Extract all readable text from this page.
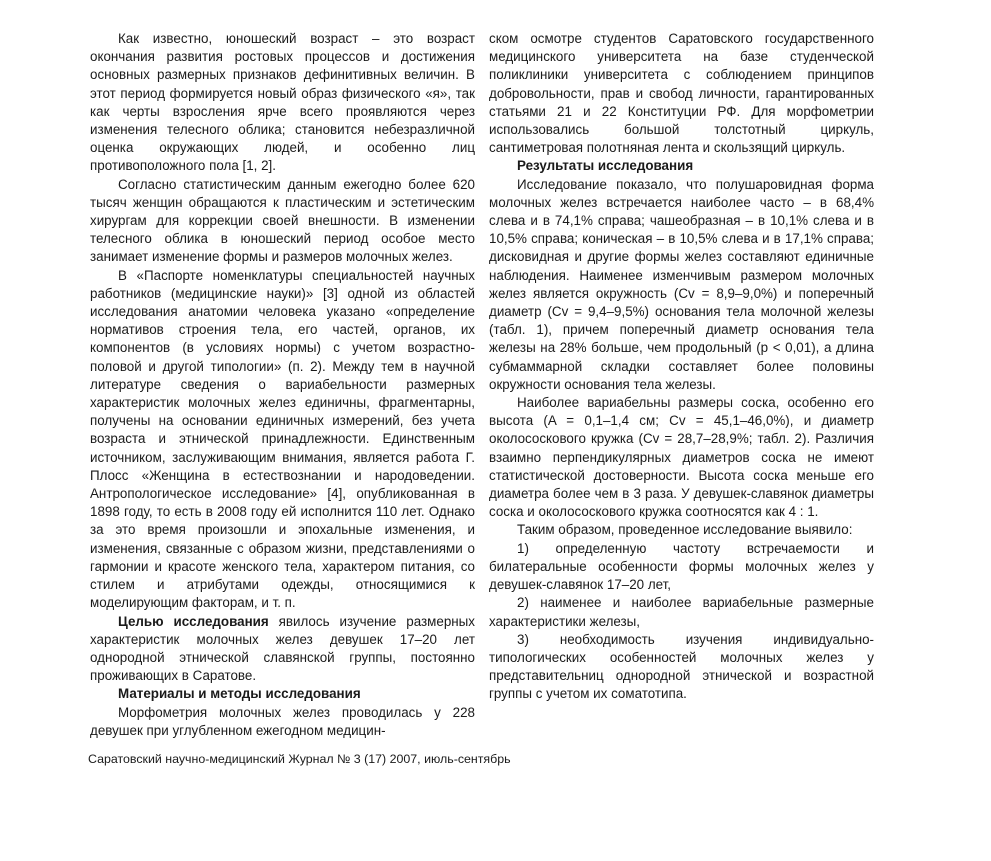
Как известно, юношеский возраст – это возраст окончания развития ростовых процессов и достижения основных размерных признаков дефинитивных величин. В этот период формируется новый образ физического «я», так как черты взросления ярче всего проявляются через изменения телесного облика; становится небезразличной оценка окружающих людей, и особенно лиц противоположного пола [1, 2].

Согласно статистическим данным ежегодно более 620 тысяч женщин обращаются к пластическим и эстетическим хирургам для коррекции своей внешности. В изменении телесного облика в юношеский период особое место занимает изменение формы и размеров молочных желез.

В «Паспорте номенклатуры специальностей научных работников (медицинские науки)» [3] одной из областей исследования анатомии человека указано «определение нормативов строения тела, его частей, органов, их компонентов (в условиях нормы) с учетом возрастно-половой и другой типологии» (п. 2). Между тем в научной литературе сведения о вариабельности размерных характеристик молочных желез единичны, фрагментарны, получены на основании единичных измерений, без учета возраста и этнической принадлежности. Единственным источником, заслуживающим внимания, является работа Г. Плосс «Женщина в естествознании и народоведении. Антропологическое исследование» [4], опубликованная в 1898 году, то есть в 2008 году ей исполнится 110 лет. Однако за это время произошли и эпохальные изменения, и изменения, связанные с образом жизни, представлениями о гармонии и красоте женского тела, характером питания, со стилем и атрибутами одежды, относящимися к моделирующим факторам, и т. п.

Целью исследования явилось изучение размерных характеристик молочных желез девушек 17–20 лет однородной этнической славянской группы, постоянно проживающих в Саратове.

Материалы и методы исследования

Морфометрия молочных желез проводилась у 228 девушек при углубленном ежегодном медицин-

ском осмотре студентов Саратовского государственного медицинского университета на базе студенческой поликлиники университета с соблюдением принципов добровольности, прав и свобод личности, гарантированных статьями 21 и 22 Конституции РФ. Для морфометрии использовались большой толстотный циркуль, сантиметровая полотняная лента и скользящий циркуль.

Результаты исследования

Исследование показало, что полушаровидная форма молочных желез встречается наиболее часто – в 68,4% слева и в 74,1% справа; чашеобразная – в 10,1% слева и в 10,5% справа; коническая – в 10,5% слева и в 17,1% справа; дисковидная и другие формы желез составляют единичные наблюдения. Наименее изменчивым размером молочных желез является окружность (Cv = 8,9–9,0%) и поперечный диаметр (Cv = 9,4–9,5%) основания тела молочной железы (табл. 1), причем поперечный диаметр основания тела железы на 28% больше, чем продольный (p < 0,01), а длина субмаммарной складки составляет более половины окружности основания тела железы.

Наиболее вариабельны размеры соска, особенно его высота (A = 0,1–1,4 см; Cv = 45,1–46,0%), и диаметр околососкового кружка (Cv = 28,7–28,9%; табл. 2). Различия взаимно перпендикулярных диаметров соска не имеют статистической достоверности. Высота соска меньше его диаметра более чем в 3 раза. У девушек-славянок диаметры соска и околососкового кружка соотносятся как 4 : 1.

Таким образом, проведенное исследование выявило:

1) определенную частоту встречаемости и билатеральные особенности формы молочных желез у девушек-славянок 17–20 лет,

2) наименее и наиболее вариабельные размерные характеристики железы,

3) необходимость изучения индивидуально-типологических особенностей молочных желез у представительниц однородной этнической и возрастной группы с учетом их соматотипа.

Саратовский научно-медицинский Журнал № 3 (17) 2007, июль-сентябрь
